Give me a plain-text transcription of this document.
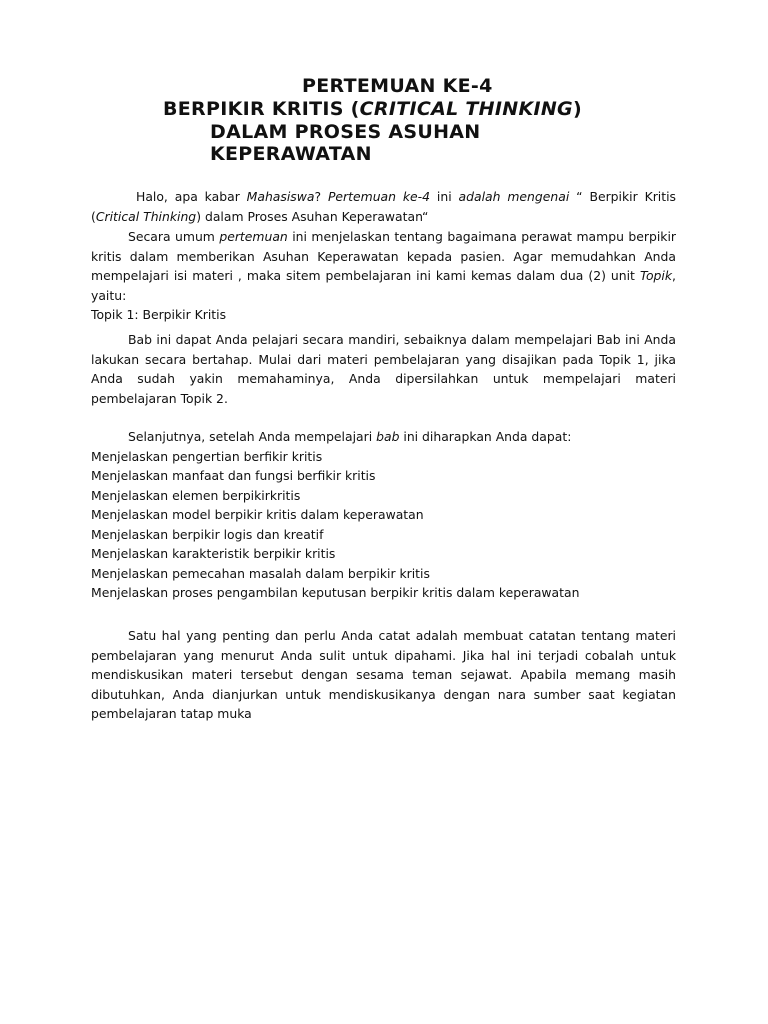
PERTEMUAN KE-4
BERPIKIR KRITIS (CRITICAL THINKING)
DALAM PROSES ASUHAN
KEPERAWATAN

Halo, apa kabar Mahasiswa? Pertemuan ke-4 ini adalah mengenai “ Berpikir Kritis (Critical Thinking) dalam Proses Asuhan Keperawatan“

Secara umum pertemuan ini menjelaskan tentang bagaimana perawat mampu berpikir kritis dalam memberikan Asuhan Keperawatan kepada pasien. Agar memudahkan Anda mempelajari isi materi , maka sitem pembelajaran ini kami kemas dalam dua (2) unit Topik, yaitu:

Topik 1: Berpikir Kritis

Bab ini dapat Anda pelajari secara mandiri, sebaiknya dalam mempelajari Bab ini Anda lakukan secara bertahap. Mulai dari materi pembelajaran yang disajikan pada Topik 1, jika Anda sudah yakin memahaminya, Anda dipersilahkan untuk mempelajari materi pembelajaran Topik 2.

Selanjutnya, setelah Anda mempelajari bab ini diharapkan Anda dapat:

Menjelaskan pengertian berfikir kritis

Menjelaskan manfaat dan fungsi berfikir kritis

Menjelaskan elemen berpikirkritis

Menjelaskan model berpikir kritis dalam keperawatan

Menjelaskan berpikir logis dan kreatif

Menjelaskan karakteristik berpikir kritis

Menjelaskan pemecahan masalah dalam berpikir kritis

Menjelaskan proses pengambilan keputusan berpikir kritis dalam keperawatan

Satu hal yang penting dan perlu Anda catat adalah membuat catatan tentang materi pembelajaran yang menurut Anda sulit untuk dipahami. Jika hal ini terjadi cobalah untuk mendiskusikan materi tersebut dengan sesama teman sejawat. Apabila memang masih dibutuhkan, Anda dianjurkan untuk mendiskusikanya dengan nara sumber saat kegiatan pembelajaran tatap muka
